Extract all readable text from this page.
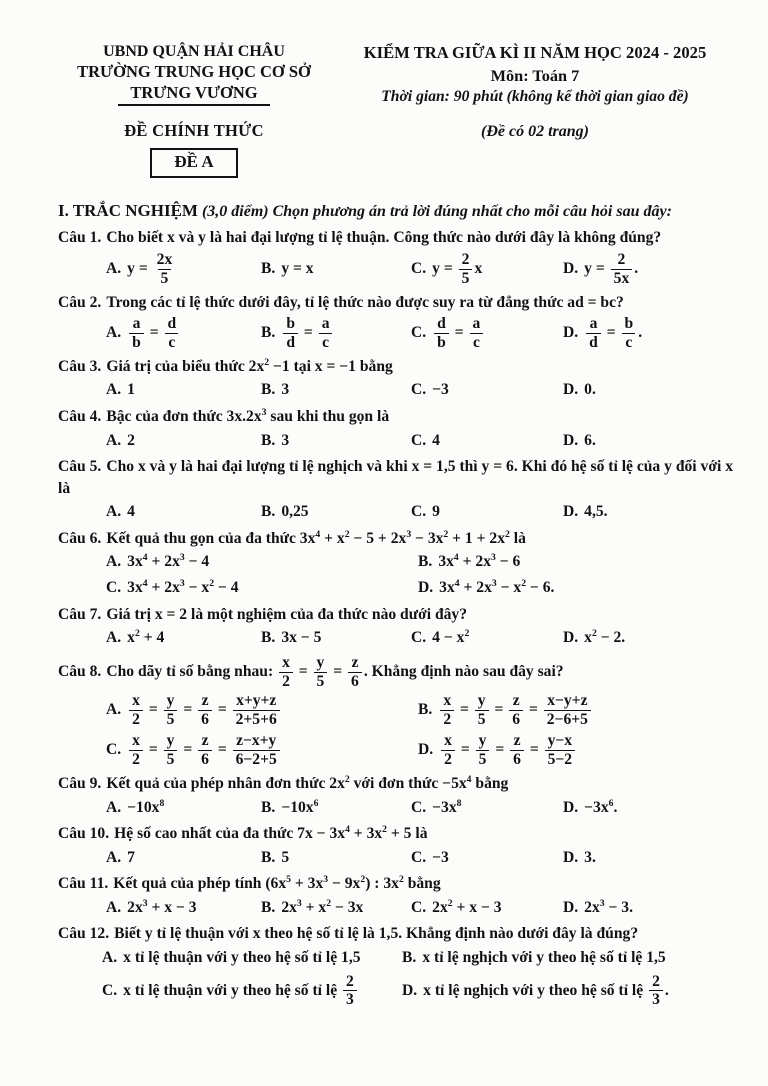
UBND QUẬN HẢI CHÂU
TRƯỜNG TRUNG HỌC CƠ SỞ
TRƯNG VƯƠNG
ĐỀ CHÍNH THỨC
ĐỀ A
KIỂM TRA GIỮA KÌ II NĂM HỌC 2024 - 2025
Môn: Toán 7
Thời gian: 90 phút (không kể thời gian giao đề)
(Đề có 02 trang)
I. TRẮC NGHIỆM (3,0 điểm) Chọn phương án trả lời đúng nhất cho mỗi câu hỏi sau đây:
Câu 1. Cho biết x và y là hai đại lượng tỉ lệ thuận. Công thức nào dưới đây là không đúng?
A. $y = \frac{2x}{5}$	B. y = x	C. $y = \frac{2}{5}$ x	D. $y = \frac{2}{5x}$ .
Câu 2. Trong các tỉ lệ thức dưới đây, tỉ lệ thức nào được suy ra từ đẳng thức ad = bc?
A. $\frac{a}{b} = \frac{d}{c}$	B. $\frac{b}{d} = \frac{a}{c}$	C. $\frac{d}{b} = \frac{a}{c}$	D. $\frac{a}{d} = \frac{b}{c}$ .
Câu 3. Giá trị của biểu thức $2x^2 -1$ tại x = −1 bằng
A. 1	B. 3	C. −3	D. 0.
Câu 4. Bậc của đơn thức $3x.2x^3$ sau khi thu gọn là
A. 2	B. 3	C. 4	D. 6.
Câu 5. Cho x và y là hai đại lượng tỉ lệ nghịch và khi x = 1,5 thì y = 6. Khi đó hệ số tỉ lệ của y đối với x là
A. 4	B. 0,25	C. 9	D. 4,5.
Câu 6. Kết quả thu gọn của đa thức $3x^4 + x^2 - 5 + 2x^3 - 3x^2 + 1 + 2x^2$ là
A. $3x^4 + 2x^3 - 4$	B. $3x^4 + 2x^3 - 6$
C. $3x^4 + 2x^3 - x^2 - 4$	D. $3x^4 + 2x^3 - x^2 - 6$.
Câu 7. Giá trị x = 2 là một nghiệm của đa thức nào dưới đây?
A. $x^2 + 4$	B. 3x − 5	C. $4 - x^2$	D. $x^2 - 2$.
Câu 8. Cho dãy tỉ số bằng nhau: $\frac{x}{2} = \frac{y}{5} = \frac{z}{6}$ . Khẳng định nào sau đây sai?
A. $\frac{x}{2} = \frac{y}{5} = \frac{z}{6} = \frac{x+y+z}{2+5+6}$	B. $\frac{x}{2} = \frac{y}{5} = \frac{z}{6} = \frac{x-y+z}{2-6+5}$
C. $\frac{x}{2} = \frac{y}{5} = \frac{z}{6} = \frac{z-x+y}{6-2+5}$	D. $\frac{x}{2} = \frac{y}{5} = \frac{z}{6} = \frac{y-x}{5-2}$
Câu 9. Kết quả của phép nhân đơn thức $2x^2$ với đơn thức $-5x^4$ bằng
A. $-10x^8$	B. $-10x^6$	C. $-3x^8$	D. $-3x^6$.
Câu 10. Hệ số cao nhất của đa thức $7x - 3x^4 + 3x^2 + 5$ là
A. 7	B. 5	C. −3	D. 3.
Câu 11. Kết quả của phép tính $(6x^5 + 3x^3 - 9x^2)$ : $3x^2$ bằng
A. $2x^3 + x - 3$	B. $2x^3 + x^2 - 3x$	C. $2x^2 + x - 3$	D. $2x^3 - 3$.
Câu 12. Biết y tỉ lệ thuận với x theo hệ số tỉ lệ là 1,5. Khẳng định nào dưới đây là đúng?
A. x tỉ lệ thuận với y theo hệ số tỉ lệ 1,5	B. x tỉ lệ nghịch với y theo hệ số tỉ lệ 1,5
C. x tỉ lệ thuận với y theo hệ số tỉ lệ $\frac{2}{3}$	D. x tỉ lệ nghịch với y theo hệ số tỉ lệ $\frac{2}{3}$ .
